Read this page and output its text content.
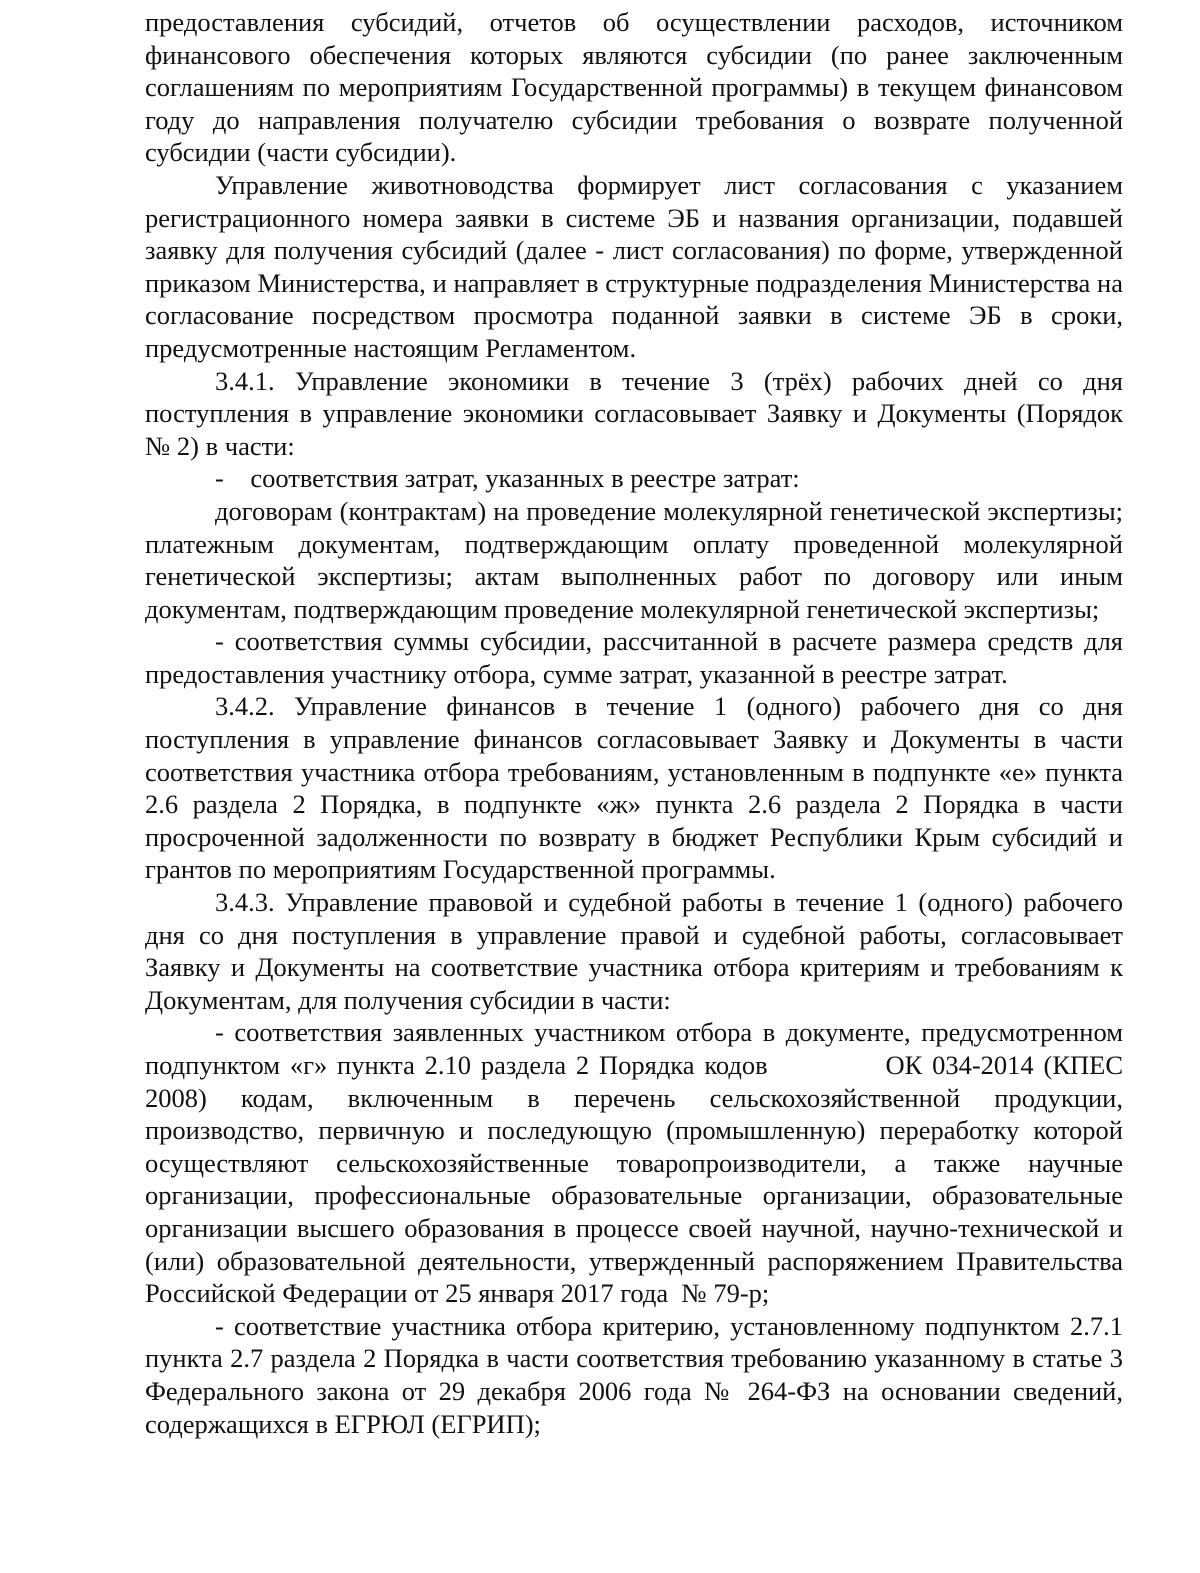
предоставления субсидий, отчетов об осуществлении расходов, источником финансового обеспечения которых являются субсидии (по ранее заключенным соглашениям по мероприятиям Государственной программы) в текущем финансовом году до направления получателю субсидии требования о возврате полученной субсидии (части субсидии).

Управление животноводства формирует лист согласования с указанием регистрационного номера заявки в системе ЭБ и названия организации, подавшей заявку для получения субсидий (далее - лист согласования) по форме, утвержденной приказом Министерства, и направляет в структурные подразделения Министерства на согласование посредством просмотра поданной заявки в системе ЭБ в сроки, предусмотренные настоящим Регламентом.

3.4.1. Управление экономики в течение 3 (трёх) рабочих дней со дня поступления в управление экономики согласовывает Заявку и Документы (Порядок № 2) в части:

-    соответствия затрат, указанных в реестре затрат:

договорам (контрактам) на проведение молекулярной генетической экспертизы; платежным документам, подтверждающим оплату проведенной молекулярной генетической экспертизы; актам выполненных работ по договору или иным документам, подтверждающим проведение молекулярной генетической экспертизы;

- соответствия суммы субсидии, рассчитанной в расчете размера средств для предоставления участнику отбора, сумме затрат, указанной в реестре затрат.

3.4.2. Управление финансов в течение 1 (одного) рабочего дня со дня поступления в управление финансов согласовывает Заявку и Документы в части соответствия участника отбора требованиям, установленным в подпункте «е» пункта 2.6 раздела 2 Порядка, в подпункте «ж» пункта 2.6 раздела 2 Порядка в части просроченной задолженности по возврату в бюджет Республики Крым субсидий и грантов по мероприятиям Государственной программы.

3.4.3. Управление правовой и судебной работы в течение 1 (одного) рабочего дня со дня поступления в управление правой и судебной работы, согласовывает Заявку и Документы на соответствие участника отбора критериям и требованиям к Документам, для получения субсидии в части:

- соответствия заявленных участником отбора в документе, предусмотренном подпунктом «г» пункта 2.10 раздела 2 Порядка кодов            ОК 034-2014 (КПЕС 2008) кодам, включенным в перечень сельскохозяйственной продукции, производство, первичную и последующую (промышленную) переработку которой осуществляют сельскохозяйственные товаропроизводители, а также научные организации, профессиональные образовательные организации, образовательные организации высшего образования в процессе своей научной, научно-технической и (или) образовательной деятельности, утвержденный распоряжением Правительства Российской Федерации от 25 января 2017 года  № 79-р;

- соответствие участника отбора критерию, установленному подпунктом 2.7.1 пункта 2.7 раздела 2 Порядка в части соответствия требованию указанному в статье 3 Федерального закона от 29 декабря 2006 года № 264-ФЗ на основании сведений, содержащихся в ЕГРЮЛ (ЕГРИП);
